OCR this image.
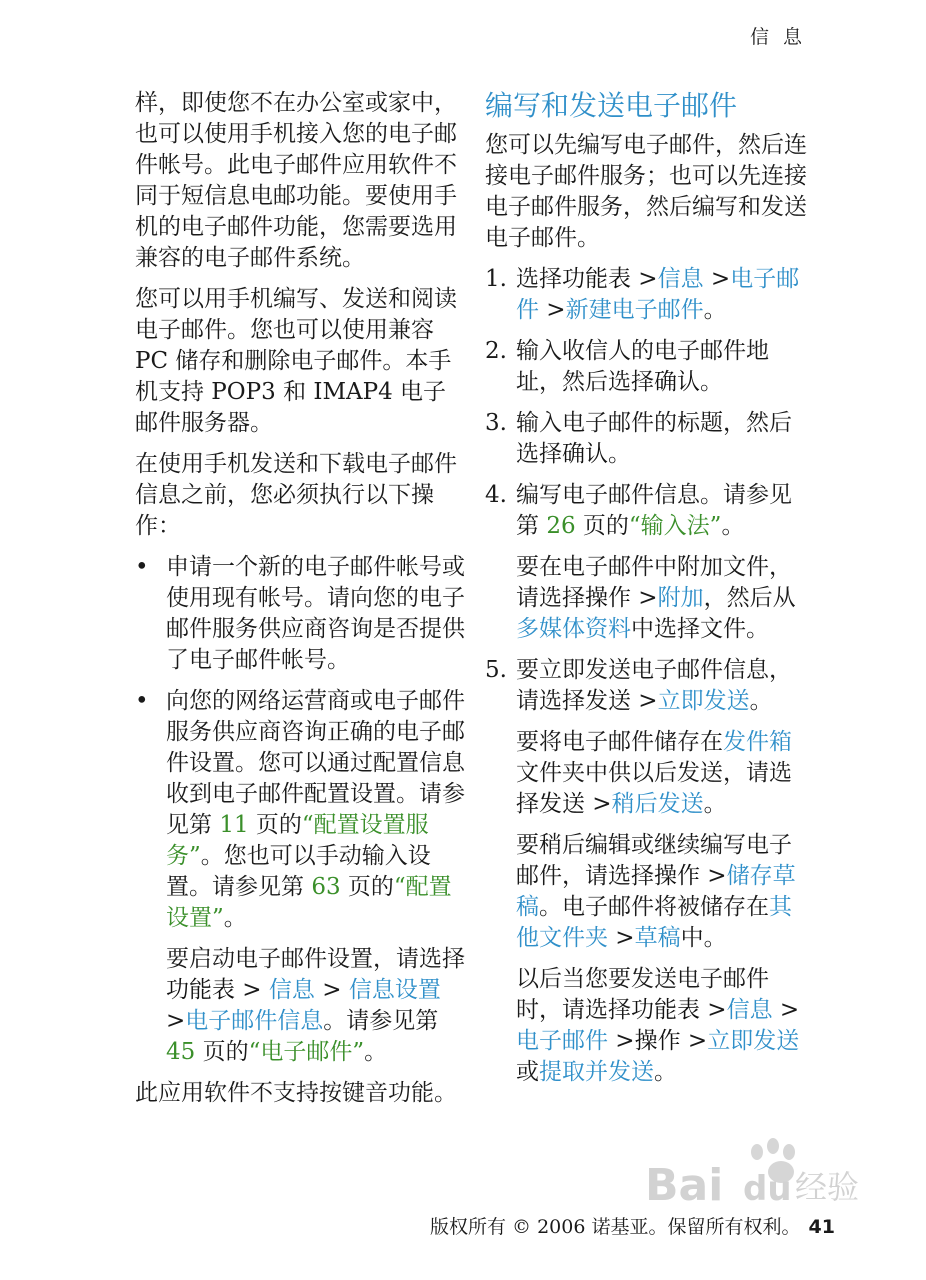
信 息

样，即使您不在办公室或家中，也可以使用手机接入您的电子邮件帐号。此电子邮件应用软件不同于短信息电邮功能。要使用手机的电子邮件功能，您需要选用兼容的电子邮件系统。

您可以用手机编写、发送和阅读电子邮件。您也可以使用兼容 PC 储存和删除电子邮件。本手机支持 POP3 和 IMAP4 电子邮件服务器。

在使用手机发送和下载电子邮件信息之前，您必须执行以下操作：

• 申请一个新的电子邮件帐号或使用现有帐号。请向您的电子邮件服务供应商咨询是否提供了电子邮件帐号。
• 向您的网络运营商或电子邮件服务供应商咨询正确的电子邮件设置。您可以通过配置信息收到电子邮件配置设置。请参见第 11 页的“配置设置服务”。您也可以手动输入设置。请参见第 63 页的“配置设置”。
要启动电子邮件设置，请选择功能表 > 信息 > 信息设置 >电子邮件信息。请参见第 45 页的“电子邮件”。

此应用软件不支持按键音功能。

编写和发送电子邮件

您可以先编写电子邮件，然后连接电子邮件服务；也可以先连接电子邮件服务，然后编写和发送电子邮件。

1. 选择功能表 >信息 >电子邮件 >新建电子邮件。
2. 输入收信人的电子邮件地址，然后选择确认。
3. 输入电子邮件的标题，然后选择确认。
4. 编写电子邮件信息。请参见第 26 页的“输入法”。
要在电子邮件中附加文件，请选择操作 >附加，然后从多媒体资料中选择文件。
5. 要立即发送电子邮件信息，请选择发送 >立即发送。
要将电子邮件储存在发件箱文件夹中供以后发送，请选择发送 >稍后发送。
要稍后编辑或继续编写电子邮件，请选择操作 >储存草稿。电子邮件将被储存在其他文件夹 >草稿中。
以后当您要发送电子邮件时，请选择功能表 >信息 >电子邮件 >操作 >立即发送或提取并发送。
Bai du 经验
版权所有 © 2006 诺基亚。保留所有权利。 41
